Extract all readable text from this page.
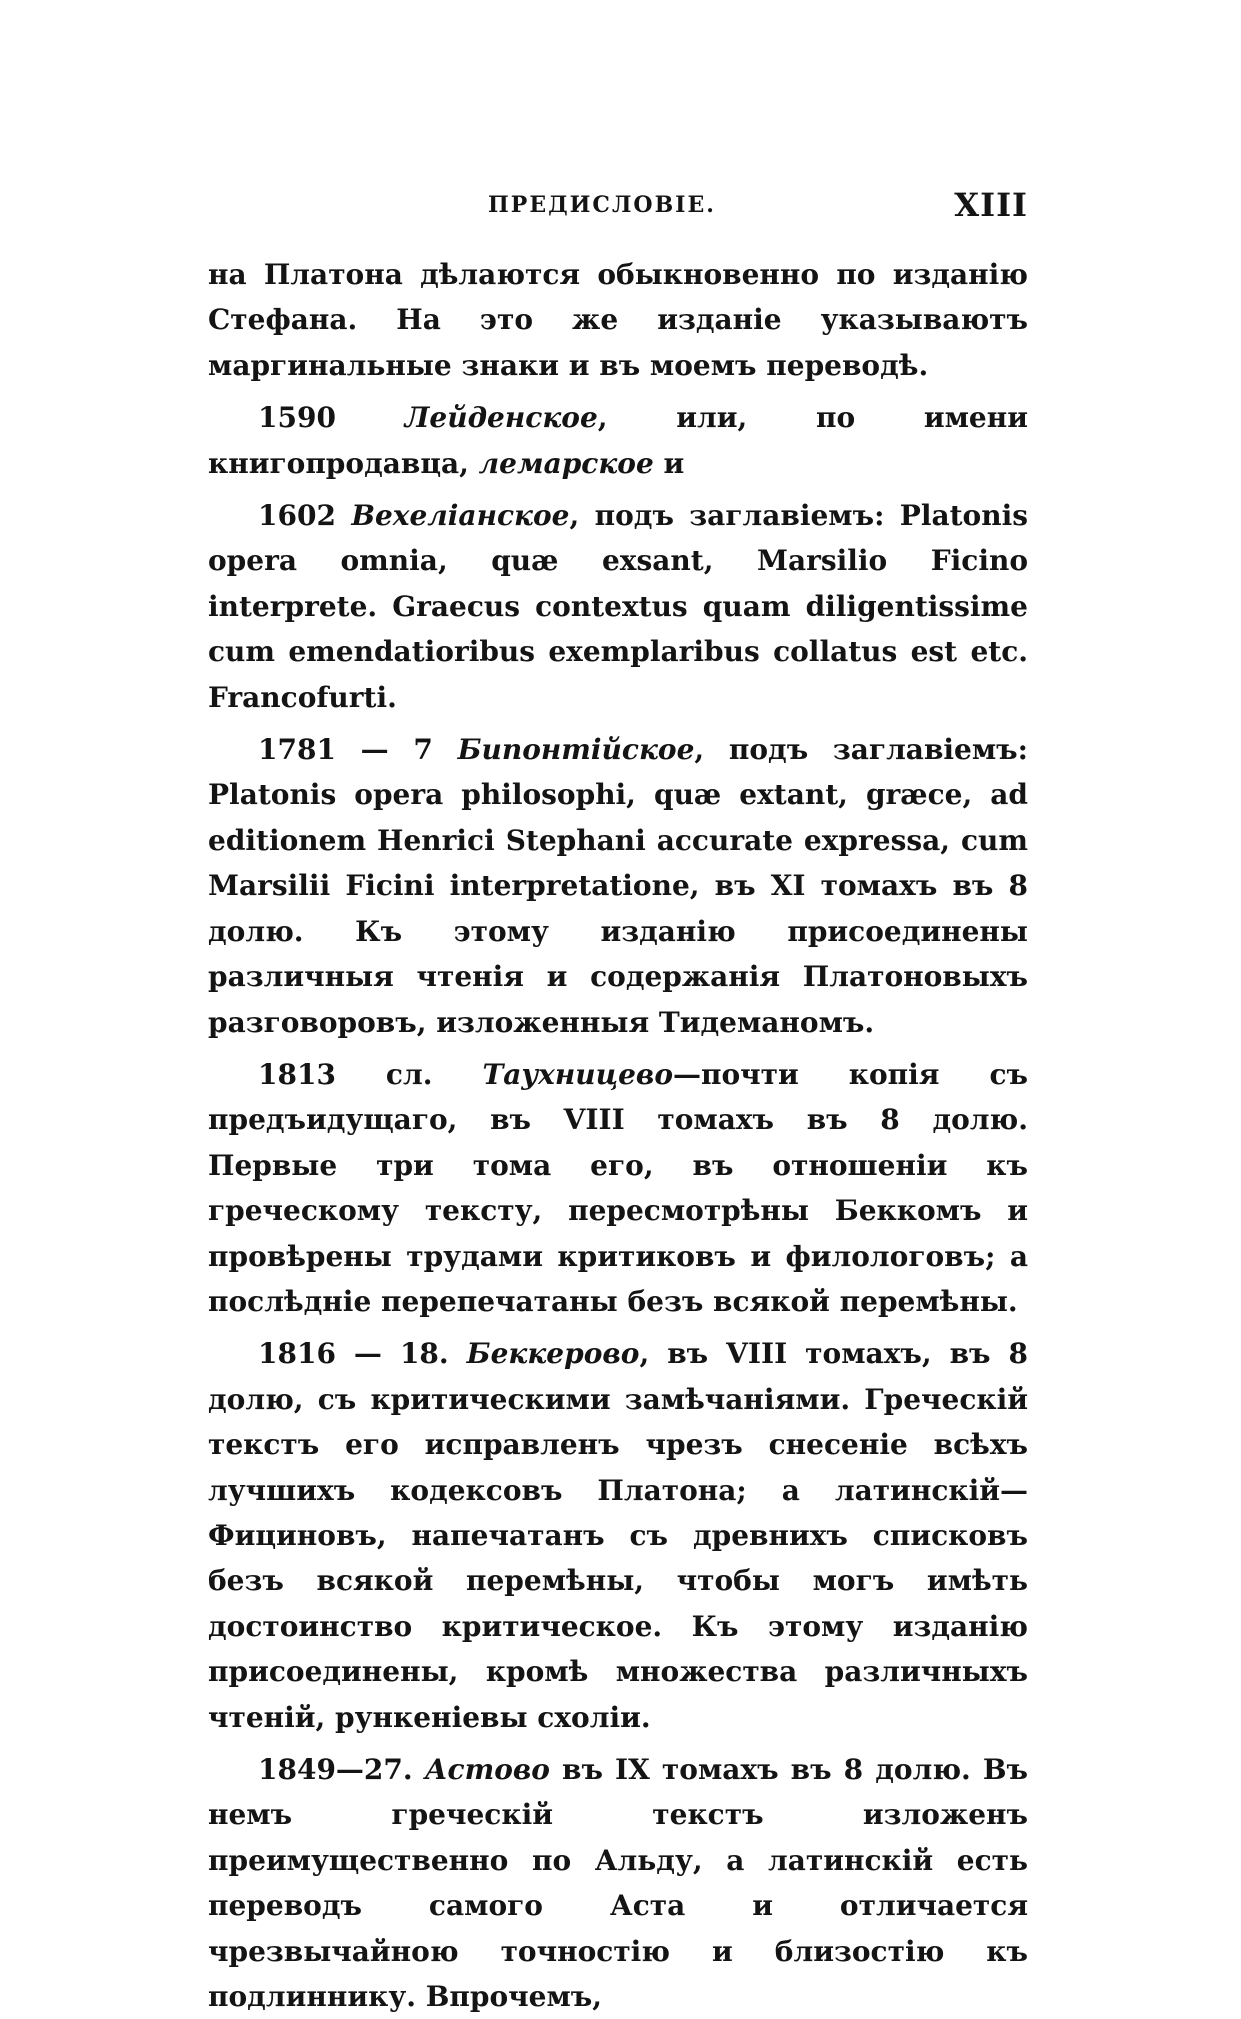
ПРЕДИСЛОВІЕ.	XIII

на Платона дѣлаются обыкновенно по изданію Стефана. На это же изданіе указываютъ маргинальные знаки и въ моемъ переводѣ.

1590 Лейденское, или, по имени книгопродавца, лемарское и

1602 Вехеліанское, подъ заглавіемъ: Platonis opera omnia, quæ exsant, Marsilio Ficino interprete. Graecus contextus quam diligentissime cum emendatioribus exemplaribus collatus est etc. Francofurti.

1781 — 7 Бипонтійское, подъ заглавіемъ: Platonis opera philosophi, quæ extant, græce, ad editionem Henrici Stephani accurate expressa, cum Marsilii Ficini interpretatione, въ XI томахъ въ 8 долю. Къ этому изданію присоединены различныя чтенія и содержанія Платоновыхъ разговоровъ, изложенныя Тидеманомъ.

1813 сл. Таухницево—почти копія съ предъидущаго, въ VIII томахъ въ 8 долю. Первые три тома его, въ отношеніи къ греческому тексту, пересмотрѣны Беккомъ и провѣрены трудами критиковъ и филологовъ; а послѣдніе перепечатаны безъ всякой перемѣны.

1816 — 18. Беккерово, въ VIII томахъ, въ 8 долю, съ критическими замѣчаніями. Греческій текстъ его исправленъ чрезъ снесеніе всѣхъ лучшихъ кодексовъ Платона; а латинскій—Фициновъ, напечатанъ съ древнихъ списковъ безъ всякой перемѣны, чтобы могъ имѣть достоинство критическое. Къ этому изданію присоединены, кромѣ множества различныхъ чтеній, рункеніевы схоліи.

1849—27. Астово въ IX томахъ въ 8 долю. Въ немъ греческій текстъ изложенъ преимущественно по Альду, а латинскій есть переводъ самого Аста и отличается чрезвычайною точностію и близостію къ подлиннику. Впрочемъ,
